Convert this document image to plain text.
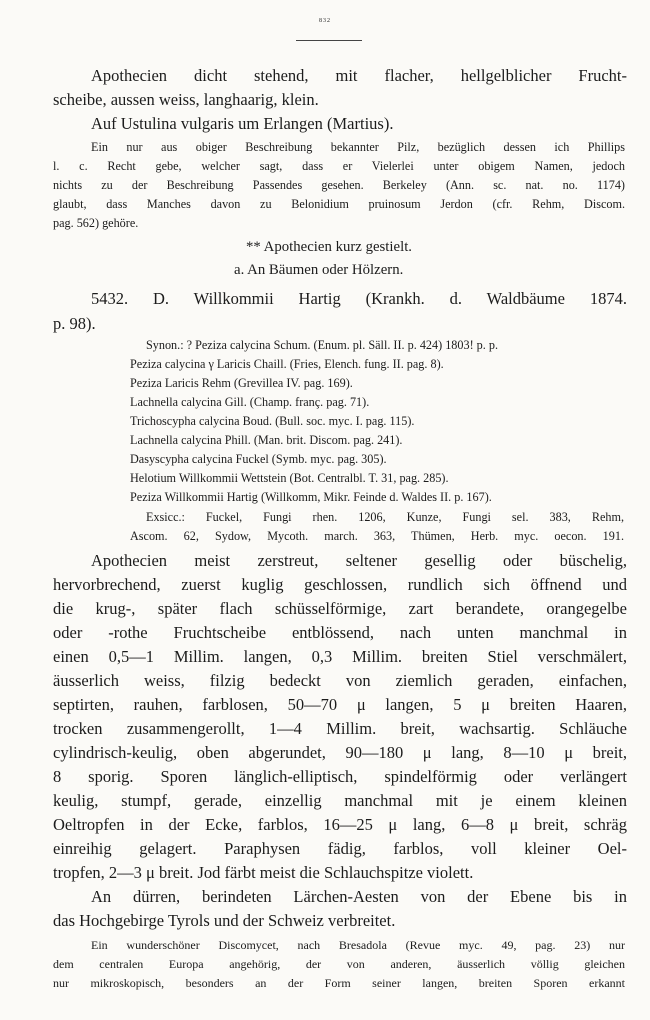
832
Apothecien dicht stehend, mit flacher, hellgelblicher Frucht-
scheibe, aussen weiss, langhaarig, klein.
Auf Ustulina vulgaris um Erlangen (Martius).
Ein nur aus obiger Beschreibung bekannter Pilz, bezüglich dessen ich Phillips
l. c. Recht gebe, welcher sagt, dass er Vielerlei unter obigem Namen, jedoch
nichts zu der Beschreibung Passendes gesehen. Berkeley (Ann. sc. nat. no. 1174)
glaubt, dass Manches davon zu Belonidium pruinosum Jerdon (cfr. Rehm, Discom.
pag. 562) gehöre.
** Apothecien kurz gestielt.
a. An Bäumen oder Hölzern.
5432. D. Willkommii Hartig (Krankh. d. Waldbäume 1874.
p. 98).
Synon.: ? Peziza calycina Schum. (Enum. pl. Säll. II. p. 424) 1803! p. p.
Peziza calycina γ Laricis Chaill. (Fries, Elench. fung. II. pag. 8).
Peziza Laricis Rehm (Grevillea IV. pag. 169).
Lachnella calycina Gill. (Champ. franç. pag. 71).
Trichoscypha calycina Boud. (Bull. soc. myc. I. pag. 115).
Lachnella calycina Phill. (Man. brit. Discom. pag. 241).
Dasyscypha calycina Fuckel (Symb. myc. pag. 305).
Helotium Willkommii Wettstein (Bot. Centralbl. T. 31, pag. 285).
Peziza Willkommii Hartig (Willkomm, Mikr. Feinde d. Waldes II. p. 167).
Exsicc.: Fuckel, Fungi rhen. 1206, Kunze, Fungi sel. 383, Rehm,
Ascom. 62, Sydow, Mycoth. march. 363, Thümen, Herb. myc. oecon. 191.
Apothecien meist zerstreut, seltener gesellig oder büschelig,
hervorbrechend, zuerst kuglig geschlossen, rundlich sich öffnend und
die krug-, später flach schüsselförmige, zart berandete, orangegelbe
oder -rothe Fruchtscheibe entblössend, nach unten manchmal in
einen 0,5—1 Millim. langen, 0,3 Millim. breiten Stiel verschmälert,
äusserlich weiss, filzig bedeckt von ziemlich geraden, einfachen,
septirten, rauhen, farblosen, 50—70 μ langen, 5 μ breiten Haaren,
trocken zusammengerollt, 1—4 Millim. breit, wachsartig. Schläuche
cylindrisch-keulig, oben abgerundet, 90—180 μ lang, 8—10 μ breit,
8 sporig. Sporen länglich-elliptisch, spindelförmig oder verlängert
keulig, stumpf, gerade, einzellig manchmal mit je einem kleinen
Oeltropfen in der Ecke, farblos, 16—25 μ lang, 6—8 μ breit, schräg
einreihig gelagert. Paraphysen fädig, farblos, voll kleiner Oel-
tropfen, 2—3 μ breit. Jod färbt meist die Schlauchspitze violett.
An dürren, berindeten Lärchen-Aesten von der Ebene bis in
das Hochgebirge Tyrols und der Schweiz verbreitet.
Ein wunderschöner Discomycet, nach Bresadola (Revue myc. 49, pag. 23) nur
dem centralen Europa angehörig, der von anderen, äusserlich völlig gleichen
nur mikroskopisch, besonders an der Form seiner langen, breiten Sporen erkannt
